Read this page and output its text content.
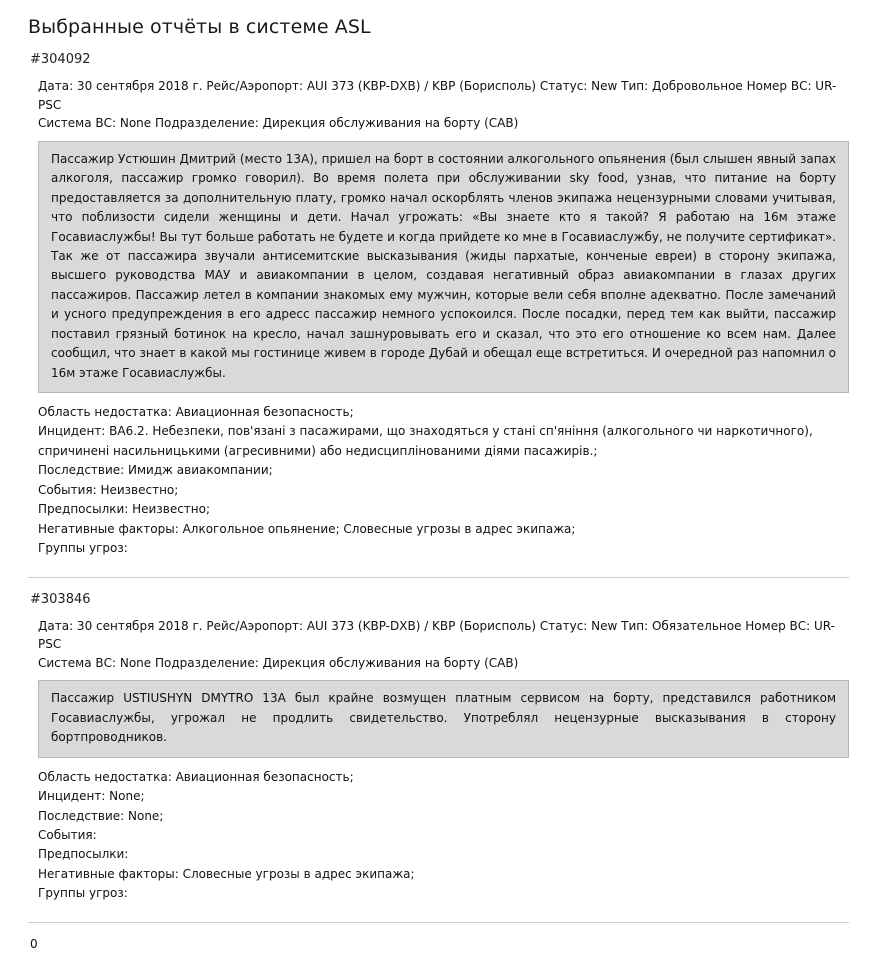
Выбранные отчёты в системе ASL
#304092
Дата: 30 сентября 2018 г. Рейс/Аэропорт: AUI 373 (KBP-DXB) / KBP (Борисполь) Статус: New Тип: Добровольное Номер ВС: UR-PSC
Система ВС: None Подразделение: Дирекция обслуживания на борту (САВ)
Пассажир Устюшин Дмитрий (место 13А), пришел на борт в состоянии алкогольного опьянения (был слышен явный запах алкоголя, пассажир громко говорил). Во время полета при обслуживании sky food, узнав, что питание на борту предоставляется за дополнительную плату, громко начал оскорблять членов экипажа нецензурными словами учитывая, что поблизости сидели женщины и дети. Начал угрожать: «Вы знаете кто я такой? Я работаю на 16м этаже Госавиаслужбы! Вы тут больше работать не будете и когда прийдете ко мне в Госавиаслужбу, не получите сертификат». Так же от пассажира звучали антисемитские высказывания (жиды пархатые, конченые евреи) в сторону экипажа, высшего руководства МАУ и авиакомпании в целом, создавая негативный образ авиакомпании в глазах других пассажиров. Пассажир летел в компании знакомых ему мужчин, которые вели себя вполне адекватно. После замечаний и усного предупреждения в его адресс пассажир немного успокоился. После посадки, перед тем как выйти, пассажир поставил грязный ботинок на кресло, начал зашнуровывать его и сказал, что это его отношение ко всем нам. Далее сообщил, что знает в какой мы гостинице живем в городе Дубай и обещал еще встретиться. И очередной раз напомнил о 16м этаже Госавиаслужбы.
Область недостатка: Авиационная безопасность;
Инцидент: ВА6.2. Небезпеки, пов'язані з пасажирами, що знаходяться у стані сп'яніння (алкогольного чи наркотичного), спричинені насильницькими (агресивними) або недисциплінованими діями пасажирів.;
Последствие: Имидж авиакомпании;
События: Неизвестно;
Предпосылки: Неизвестно;
Негативные факторы: Алкогольное опьянение; Словесные угрозы в адрес экипажа;
Группы угроз:
#303846
Дата: 30 сентября 2018 г. Рейс/Аэропорт: AUI 373 (KBP-DXB) / KBP (Борисполь) Статус: New Тип: Обязательное Номер ВС: UR-PSC
Система ВС: None Подразделение: Дирекция обслуживания на борту (САВ)
Пассажир USTIUSHYN DMYTRO 13A был крайне возмущен платным сервисом на борту, представился работником Госавиаслужбы, угрожал не продлить свидетельство. Употреблял нецензурные высказывания в сторону бортпроводников.
Область недостатка: Авиационная безопасность;
Инцидент: None;
Последствие: None;
События:
Предпосылки:
Негативные факторы: Словесные угрозы в адрес экипажа;
Группы угроз:
0
